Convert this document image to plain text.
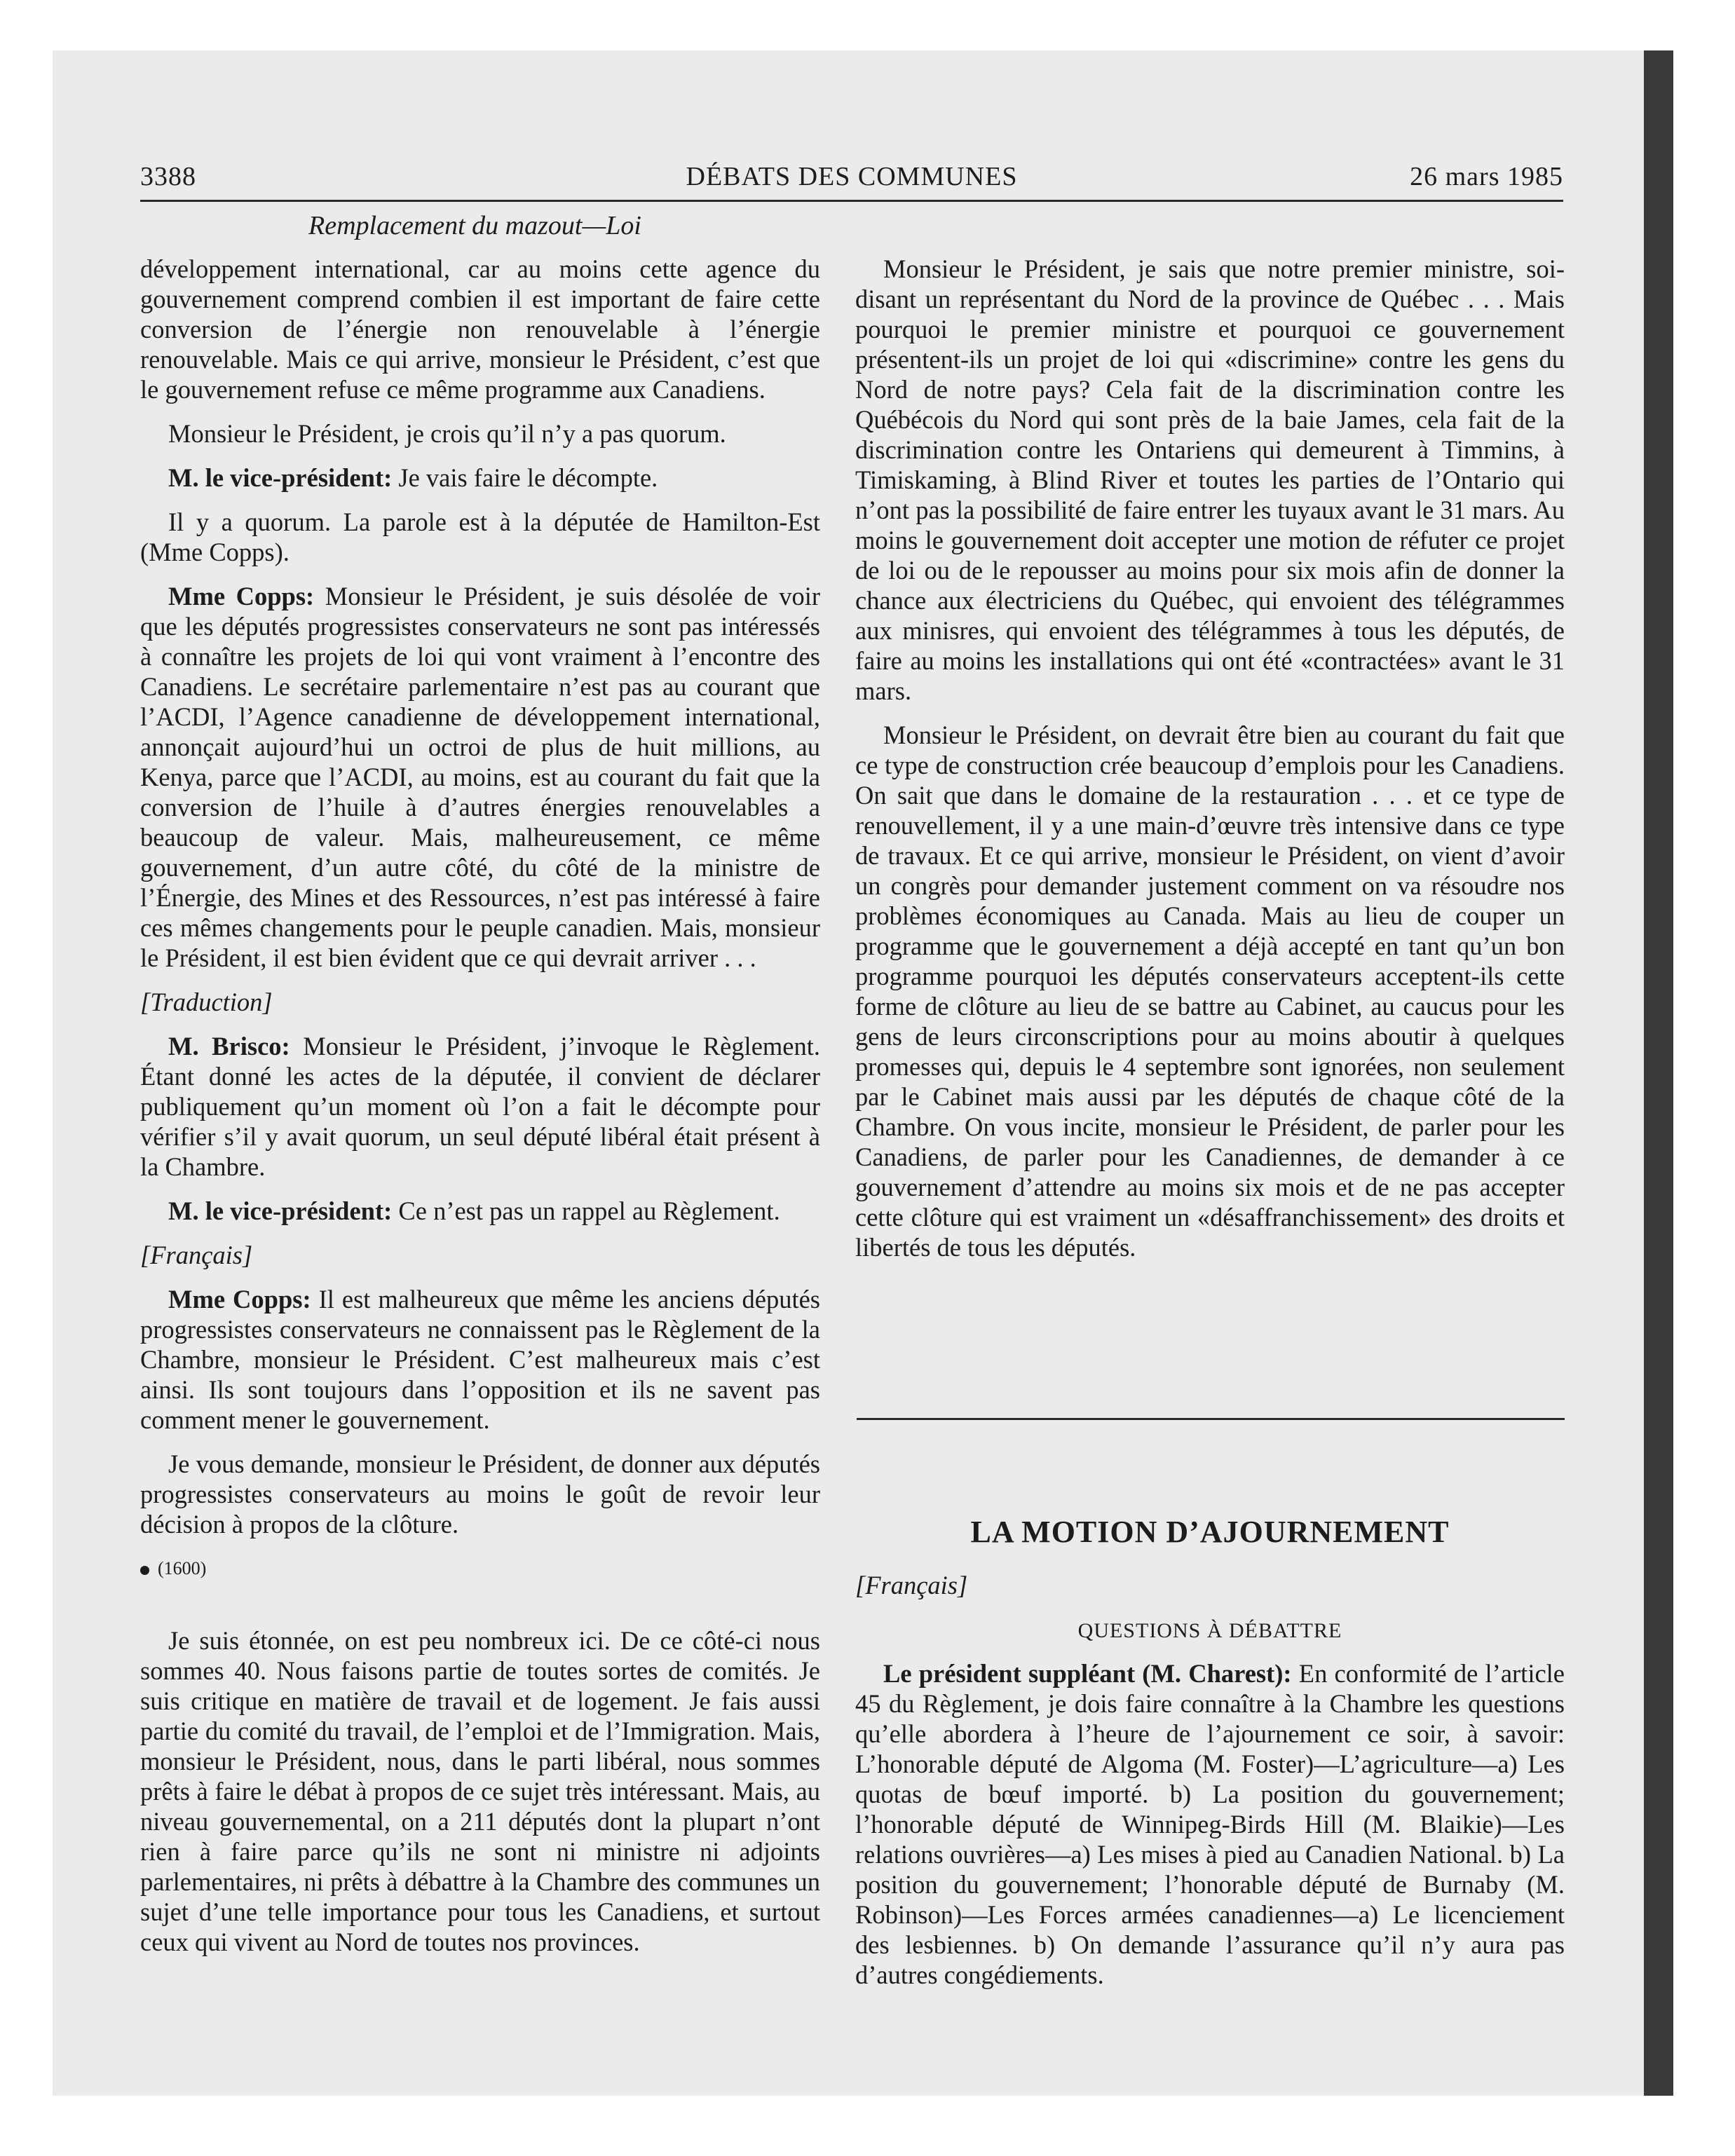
3388	DÉBATS DES COMMUNES	26 mars 1985
Remplacement du mazout—Loi

développement international, car au moins cette agence du gouvernement comprend combien il est important de faire cette conversion de l’énergie non renouvelable à l’énergie renouvelable. Mais ce qui arrive, monsieur le Président, c’est que le gouvernement refuse ce même programme aux Canadiens.

Monsieur le Président, je crois qu’il n’y a pas quorum.

M. le vice-président: Je vais faire le décompte.

Il y a quorum. La parole est à la députée de Hamilton-Est (Mme Copps).

Mme Copps: Monsieur le Président, je suis désolée de voir que les députés progressistes conservateurs ne sont pas intéressés à connaître les projets de loi qui vont vraiment à l’encontre des Canadiens. Le secrétaire parlementaire n’est pas au courant que l’ACDI, l’Agence canadienne de développement international, annonçait aujourd’hui un octroi de plus de huit millions, au Kenya, parce que l’ACDI, au moins, est au courant du fait que la conversion de l’huile à d’autres énergies renouvelables a beaucoup de valeur. Mais, malheureusement, ce même gouvernement, d’un autre côté, du côté de la ministre de l’Énergie, des Mines et des Ressources, n’est pas intéressé à faire ces mêmes changements pour le peuple canadien. Mais, monsieur le Président, il est bien évident que ce qui devrait arriver . . .

[Traduction]

M. Brisco: Monsieur le Président, j’invoque le Règlement. Étant donné les actes de la députée, il convient de déclarer publiquement qu’un moment où l’on a fait le décompte pour vérifier s’il y avait quorum, un seul député libéral était présent à la Chambre.

M. le vice-président: Ce n’est pas un rappel au Règlement.

[Français]

Mme Copps: Il est malheureux que même les anciens députés progressistes conservateurs ne connaissent pas le Règlement de la Chambre, monsieur le Président. C’est malheureux mais c’est ainsi. Ils sont toujours dans l’opposition et ils ne savent pas comment mener le gouvernement.

Je vous demande, monsieur le Président, de donner aux députés progressistes conservateurs au moins le goût de revoir leur décision à propos de la clôture.

(1600)

Je suis étonnée, on est peu nombreux ici. De ce côté-ci nous sommes 40. Nous faisons partie de toutes sortes de comités. Je suis critique en matière de travail et de logement. Je fais aussi partie du comité du travail, de l’emploi et de l’Immigration. Mais, monsieur le Président, nous, dans le parti libéral, nous sommes prêts à faire le débat à propos de ce sujet très intéressant. Mais, au niveau gouvernemental, on a 211 députés dont la plupart n’ont rien à faire parce qu’ils ne sont ni ministre ni adjoints parlementaires, ni prêts à débattre à la Chambre des communes un sujet d’une telle importance pour tous les Canadiens, et surtout ceux qui vivent au Nord de toutes nos provinces.

Monsieur le Président, je sais que notre premier ministre, soi-disant un représentant du Nord de la province de Québec . . . Mais pourquoi le premier ministre et pourquoi ce gouvernement présentent-ils un projet de loi qui «discrimine» contre les gens du Nord de notre pays? Cela fait de la discrimination contre les Québécois du Nord qui sont près de la baie James, cela fait de la discrimination contre les Ontariens qui demeurent à Timmins, à Timiskaming, à Blind River et toutes les parties de l’Ontario qui n’ont pas la possibilité de faire entrer les tuyaux avant le 31 mars. Au moins le gouvernement doit accepter une motion de réfuter ce projet de loi ou de le repousser au moins pour six mois afin de donner la chance aux électriciens du Québec, qui envoient des télégrammes aux minisres, qui envoient des télégrammes à tous les députés, de faire au moins les installations qui ont été «contractées» avant le 31 mars.

Monsieur le Président, on devrait être bien au courant du fait que ce type de construction crée beaucoup d’emplois pour les Canadiens. On sait que dans le domaine de la restauration . . . et ce type de renouvellement, il y a une main-d’œuvre très intensive dans ce type de travaux. Et ce qui arrive, monsieur le Président, on vient d’avoir un congrès pour demander justement comment on va résoudre nos problèmes économiques au Canada. Mais au lieu de couper un programme que le gouvernement a déjà accepté en tant qu’un bon programme pourquoi les députés conservateurs acceptent-ils cette forme de clôture au lieu de se battre au Cabinet, au caucus pour les gens de leurs circonscriptions pour au moins aboutir à quelques promesses qui, depuis le 4 septembre sont ignorées, non seulement par le Cabinet mais aussi par les députés de chaque côté de la Chambre. On vous incite, monsieur le Président, de parler pour les Canadiens, de parler pour les Canadiennes, de demander à ce gouvernement d’attendre au moins six mois et de ne pas accepter cette clôture qui est vraiment un «désaffranchissement» des droits et libertés de tous les députés.

LA MOTION D’AJOURNEMENT

[Français]

QUESTIONS À DÉBATTRE

Le président suppléant (M. Charest): En conformité de l’article 45 du Règlement, je dois faire connaître à la Chambre les questions qu’elle abordera à l’heure de l’ajournement ce soir, à savoir: L’honorable député de Algoma (M. Foster)—L’agriculture—a) Les quotas de bœuf importé. b) La position du gouvernement; l’honorable député de Winnipeg-Birds Hill (M. Blaikie)—Les relations ouvrières—a) Les mises à pied au Canadien National. b) La position du gouvernement; l’honorable député de Burnaby (M. Robinson)—Les Forces armées canadiennes—a) Le licenciement des lesbiennes. b) On demande l’assurance qu’il n’y aura pas d’autres congédiements.
